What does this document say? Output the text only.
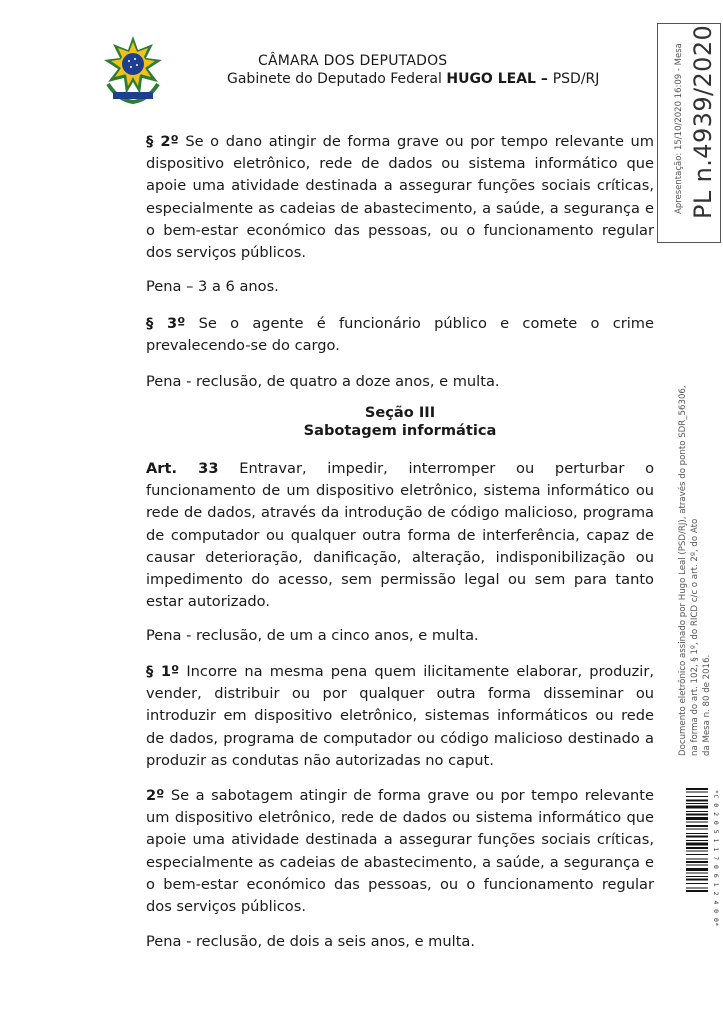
CÂMARA DOS DEPUTADOS
Gabinete do Deputado Federal HUGO LEAL – PSD/RJ	Apresentação: 15/10/2020 16:09 - Mesa PL n.4939/2020
Documento eletrônico assinado por Hugo Leal (PSD/RJ), através do ponto SDR_56306, na forma do art. 102, § 1º, do RICD c/c o art. 2º, do Ato da Mesa n. 80 de 2016.
*C 0 2 0 5 1 1 7 0 6 1 2 4 0 0*

§ 2º Se o dano atingir de forma grave ou por tempo relevante um dispositivo eletrônico, rede de dados ou sistema informático que apoie uma atividade destinada a assegurar funções sociais críticas, especialmente as cadeias de abastecimento, a saúde, a segurança e o bem-estar económico das pessoas, ou o funcionamento regular dos serviços públicos.

Pena – 3 a 6 anos.

§ 3º Se o agente é funcionário público e comete o crime prevalecendo-se do cargo.

Pena - reclusão, de quatro a doze anos, e multa.

Seção III
Sabotagem informática

Art. 33 Entravar, impedir, interromper ou perturbar o funcionamento de um dispositivo eletrônico, sistema informático ou rede de dados, através da introdução de código malicioso, programa de computador ou qualquer outra forma de interferência, capaz de causar deterioração, danificação, alteração, indisponibilização ou impedimento do acesso, sem permissão legal ou sem para tanto estar autorizado.

Pena - reclusão, de um a cinco anos, e multa.

§ 1º Incorre na mesma pena quem ilicitamente elaborar, produzir, vender, distribuir ou por qualquer outra forma disseminar ou introduzir em dispositivo eletrônico, sistemas informáticos ou rede de dados, programa de computador ou código malicioso destinado a produzir as condutas não autorizadas no caput.

2º Se a sabotagem atingir de forma grave ou por tempo relevante um dispositivo eletrônico, rede de dados ou sistema informático que apoie uma atividade destinada a assegurar funções sociais críticas, especialmente as cadeias de abastecimento, a saúde, a segurança e o bem-estar económico das pessoas, ou o funcionamento regular dos serviços públicos.

Pena - reclusão, de dois a seis anos, e multa.
